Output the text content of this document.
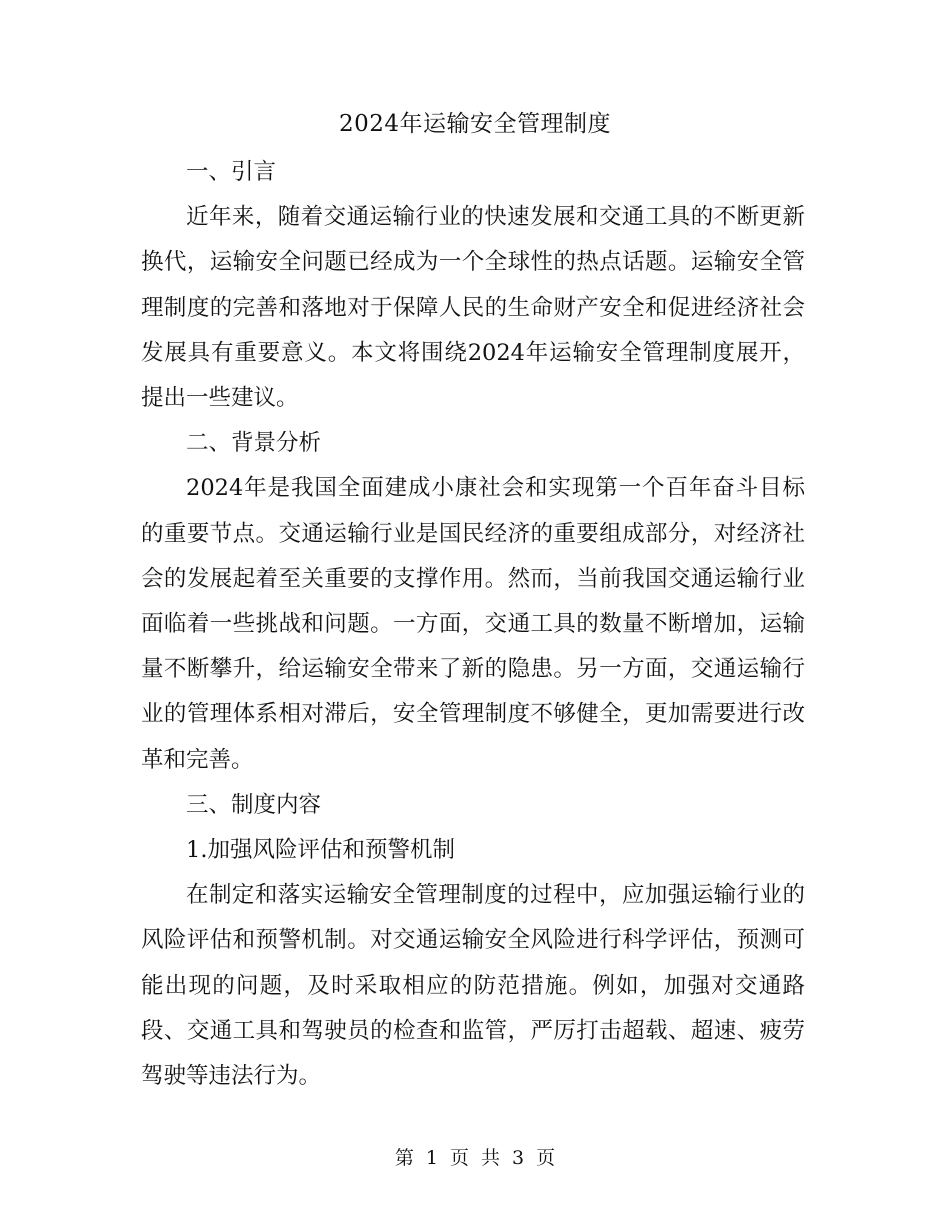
2024年运输安全管理制度

一、引言

近年来，随着交通运输行业的快速发展和交通工具的不断更新换代，运输安全问题已经成为一个全球性的热点话题。运输安全管理制度的完善和落地对于保障人民的生命财产安全和促进经济社会发展具有重要意义。本文将围绕2024年运输安全管理制度展开，提出一些建议。

二、背景分析

2024年是我国全面建成小康社会和实现第一个百年奋斗目标的重要节点。交通运输行业是国民经济的重要组成部分，对经济社会的发展起着至关重要的支撑作用。然而，当前我国交通运输行业面临着一些挑战和问题。一方面，交通工具的数量不断增加，运输量不断攀升，给运输安全带来了新的隐患。另一方面，交通运输行业的管理体系相对滞后，安全管理制度不够健全，更加需要进行改革和完善。

三、制度内容

1.加强风险评估和预警机制

在制定和落实运输安全管理制度的过程中，应加强运输行业的风险评估和预警机制。对交通运输安全风险进行科学评估，预测可能出现的问题，及时采取相应的防范措施。例如，加强对交通路段、交通工具和驾驶员的检查和监管，严厉打击超载、超速、疲劳驾驶等违法行为。

第 1 页 共 3 页
